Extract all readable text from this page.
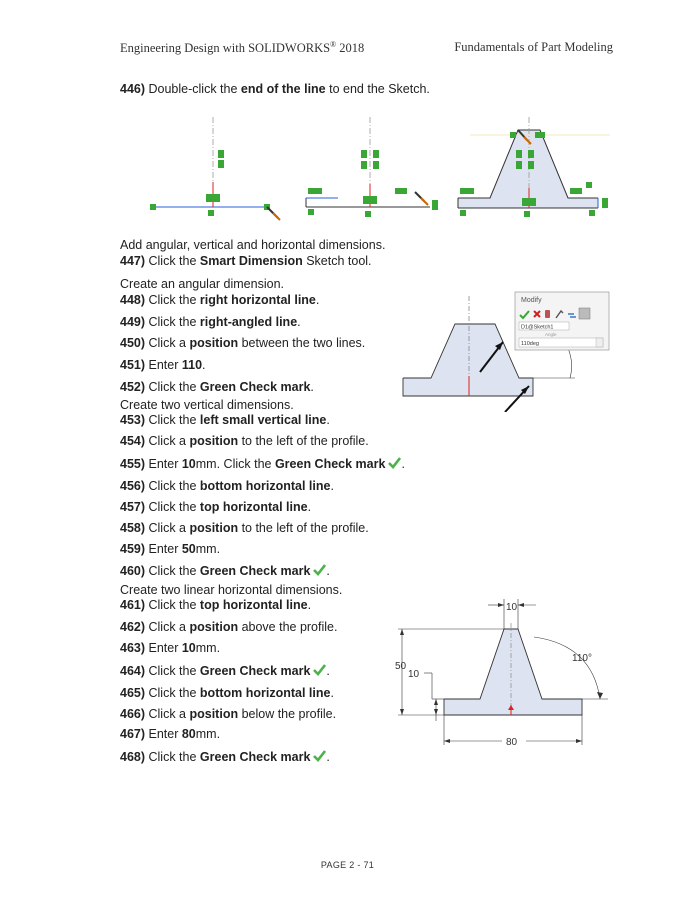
Engineering Design with SOLIDWORKS® 2018	Fundamentals of Part Modeling
446) Double-click the end of the line to end the Sketch.
Add angular, vertical and horizontal dimensions.
447) Click the Smart Dimension Sketch tool.
Create an angular dimension.
448) Click the right horizontal line.
449) Click the right-angled line.
450) Click a position between the two lines.
451) Enter 110.
452) Click the Green Check mark.
Modify
D1@Sketch1
Angle
110deg
Create two vertical dimensions.
453) Click the left small vertical line.
454) Click a position to the left of the profile.
455) Enter 10mm. Click the Green Check mark .
456) Click the bottom horizontal line.
457) Click the top horizontal line.
458) Click a position to the left of the profile.
459) Enter 50mm.
460) Click the Green Check mark .
Create two linear horizontal dimensions.
461) Click the top horizontal line.
462) Click a position above the profile.
463) Enter 10mm.
464) Click the Green Check mark .
465) Click the bottom horizontal line.
466) Click a position below the profile.
467) Enter 80mm.
468) Click the Green Check mark .
10
110°
50
10
80
PAGE 2 - 71
